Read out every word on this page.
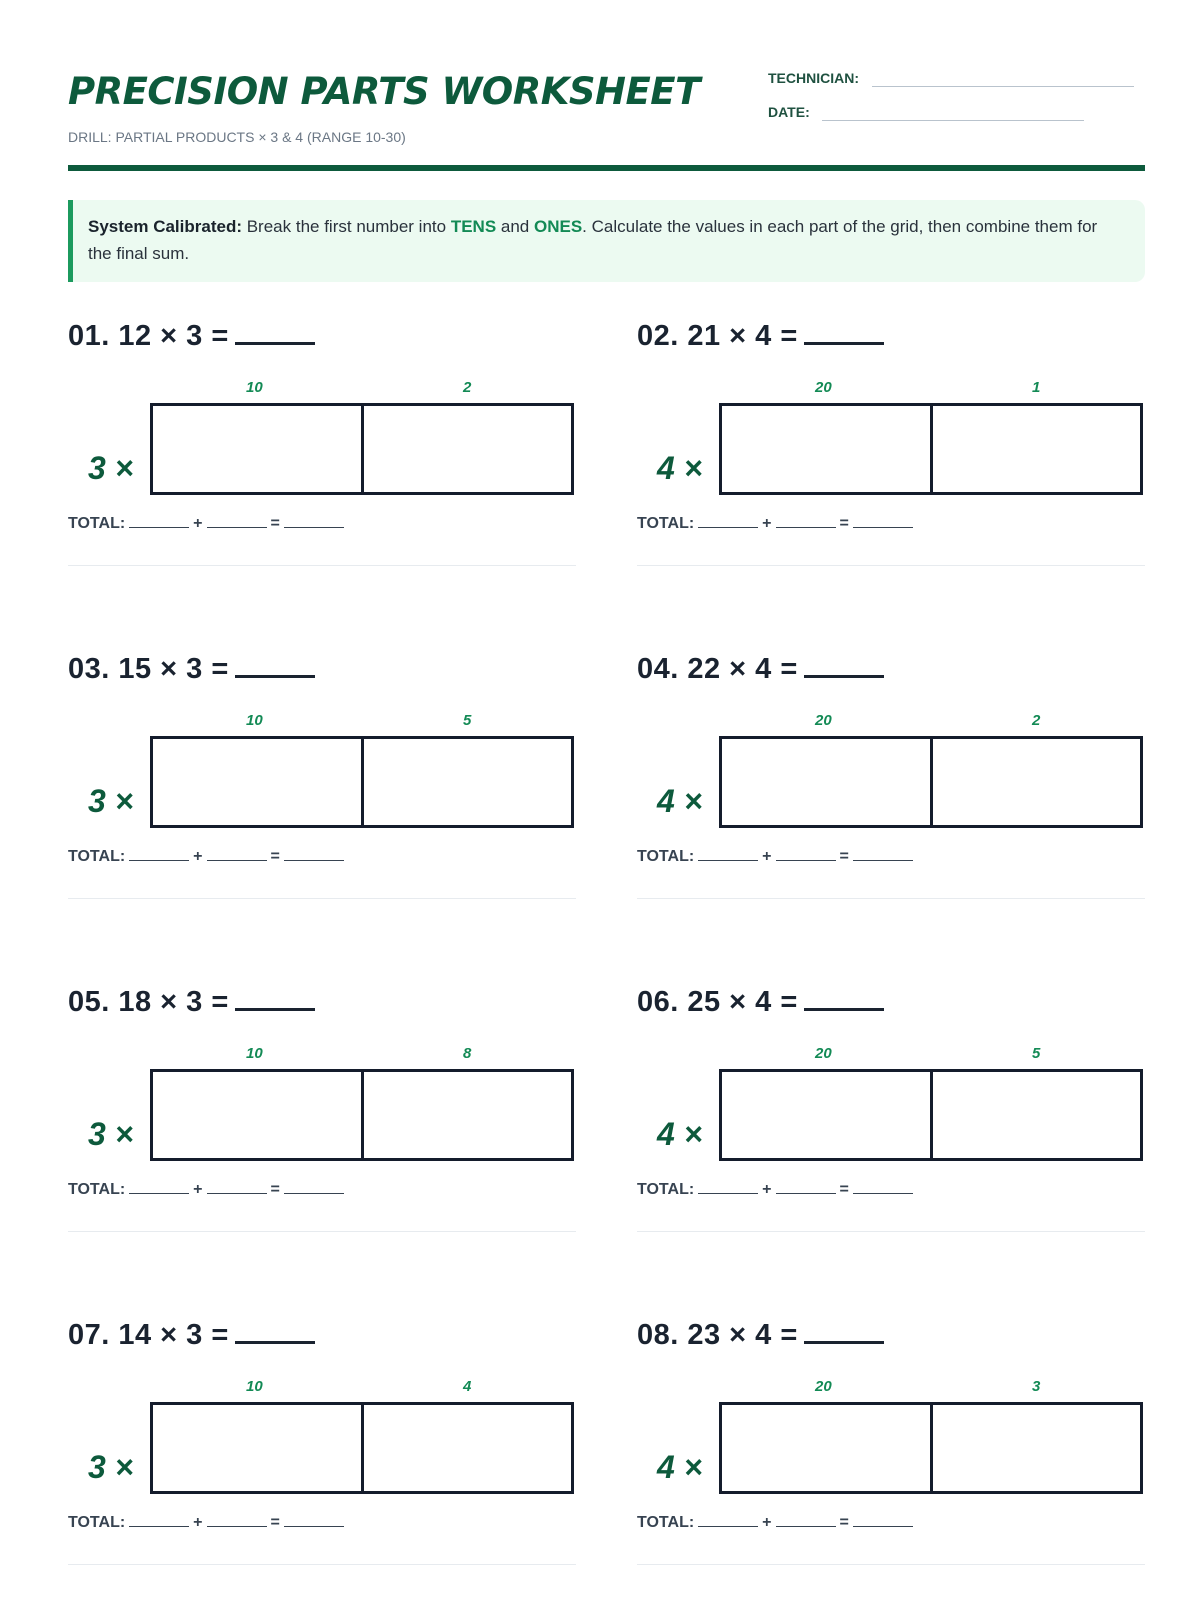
PRECISION PARTS WORKSHEET
DRILL: PARTIAL PRODUCTS × 3 & 4 (RANGE 10-30)
TECHNICIAN:
DATE:
System Calibrated: Break the first number into TENS and ONES. Calculate the values in each part of the grid, then combine them for the final sum.
01. 12 × 3 =
10	2
3 ×
TOTAL:	+	=
02. 21 × 4 =
20	1
4 ×
TOTAL:	+	=
03. 15 × 3 =
10	5
3 ×
TOTAL:	+	=
04. 22 × 4 =
20	2
4 ×
TOTAL:	+	=
05. 18 × 3 =
10	8
3 ×
TOTAL:	+	=
06. 25 × 4 =
20	5
4 ×
TOTAL:	+	=
07. 14 × 3 =
10	4
3 ×
TOTAL:	+	=
08. 23 × 4 =
20	3
4 ×
TOTAL:	+	=
